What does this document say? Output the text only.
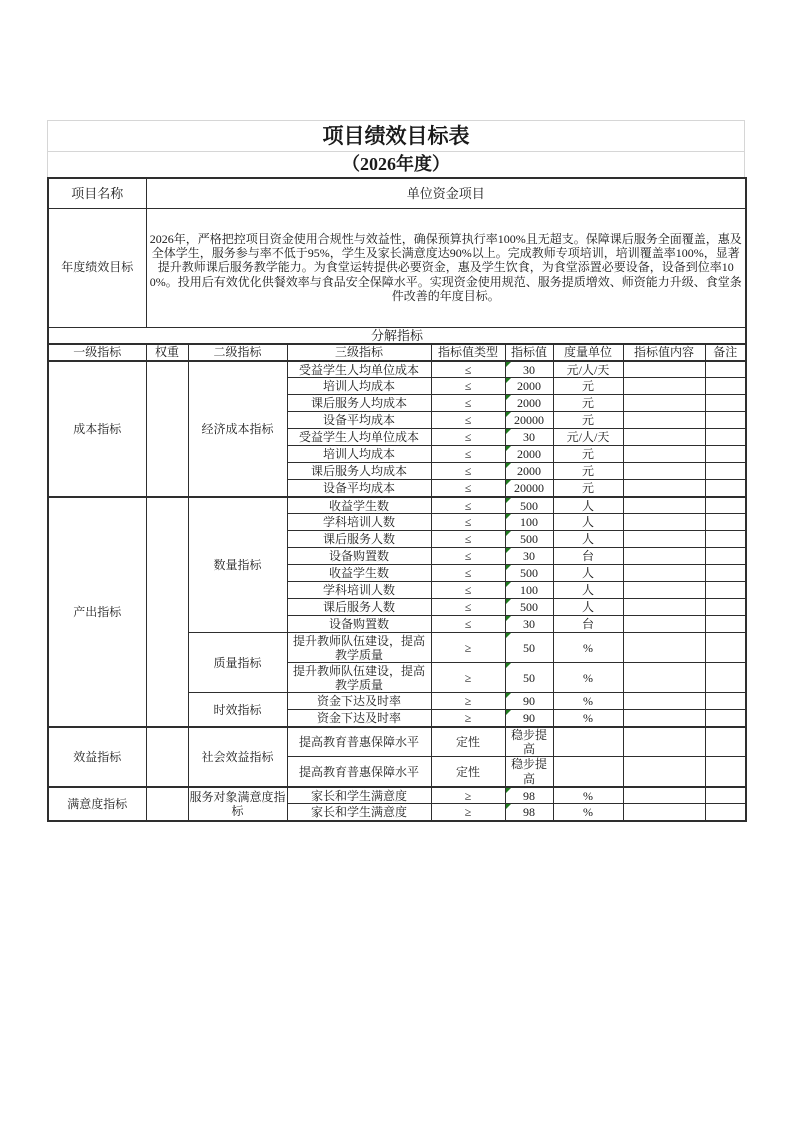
项目绩效目标表
（2026年度）
项目名称	单位资金项目							
年度绩效目标	2026年，严格把控项目资金使用合规性与效益性，确保预算执行率100%且无超支。保障课后服务全面覆盖，惠及全体学生，服务参与率不低于95%，学生及家长满意度达90%以上。完成教师专项培训，培训覆盖率100%，显著提升教师课后服务教学能力。为食堂运转提供必要资金，惠及学生饮食，为食堂添置必要设备，设备到位率100%。投用后有效优化供餐效率与食品安全保障水平。实现资金使用规范、服务提质增效、师资能力升级、食堂条件改善的年度目标。							
分解指标								
一级指标	权重	二级指标	三级指标	指标值类型	指标值	度量单位	指标值内容	备注
成本指标		经济成本指标	受益学生人均单位成本	≤	30	元/人/天		
			培训人均成本	≤	2000	元		
			课后服务人均成本	≤	2000	元		
			设备平均成本	≤	20000	元		
			受益学生人均单位成本	≤	30	元/人/天		
			培训人均成本	≤	2000	元		
			课后服务人均成本	≤	2000	元		
			设备平均成本	≤	20000	元		
产出指标		数量指标	收益学生数	≤	500	人		
			学科培训人数	≤	100	人		
			课后服务人数	≤	500	人		
			设备购置数	≤	30	台		
			收益学生数	≤	500	人		
			学科培训人数	≤	100	人		
			课后服务人数	≤	500	人		
			设备购置数	≤	30	台		
		质量指标	提升教师队伍建设，提高教学质量	≥	50	%		
			提升教师队伍建设，提高教学质量	≥	50	%		
		时效指标	资金下达及时率	≥	90	%		
			资金下达及时率	≥	90	%		
效益指标		社会效益指标	提高教育普惠保障水平	定性	稳步提高			
			提高教育普惠保障水平	定性	稳步提高			
满意度指标		服务对象满意度指标	家长和学生满意度	≥	98	%		
			家长和学生满意度	≥	98	%		
